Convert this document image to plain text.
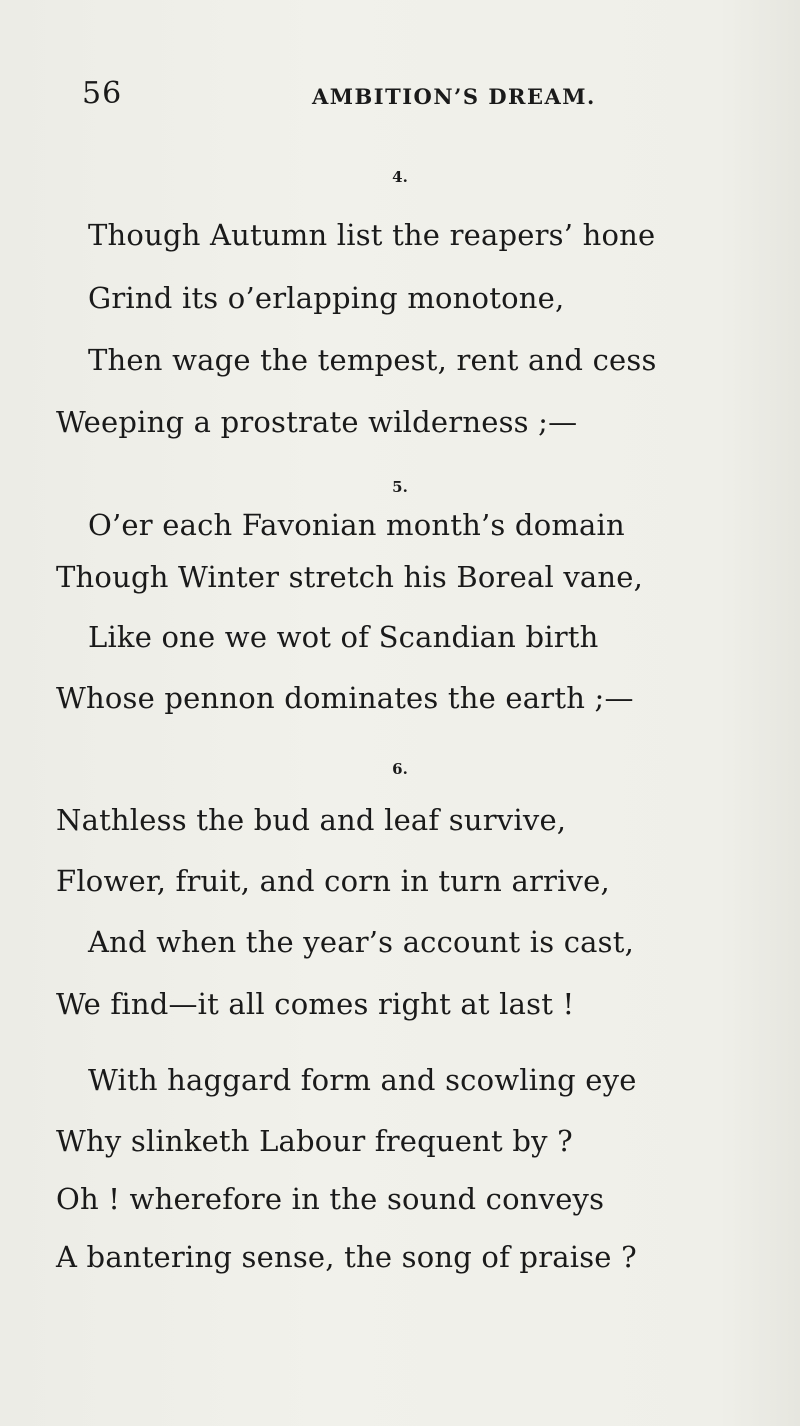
56	AMBITION’S DREAM.
4.
Though Autumn list the reapers’ hone
Grind its o’erlapping monotone,
Then wage the tempest, rent and cess
Weeping a prostrate wilderness ;—
5.
O’er each Favonian month’s domain
Though Winter stretch his Boreal vane,
Like one we wot of Scandian birth
Whose pennon dominates the earth ;—
6.
Nathless the bud and leaf survive,
Flower, fruit, and corn in turn arrive,
And when the year’s account is cast,
We find—it all comes right at last !
With haggard form and scowling eye
Why slinketh Labour frequent by ?
Oh ! wherefore in the sound conveys
A bantering sense, the song of praise ?
